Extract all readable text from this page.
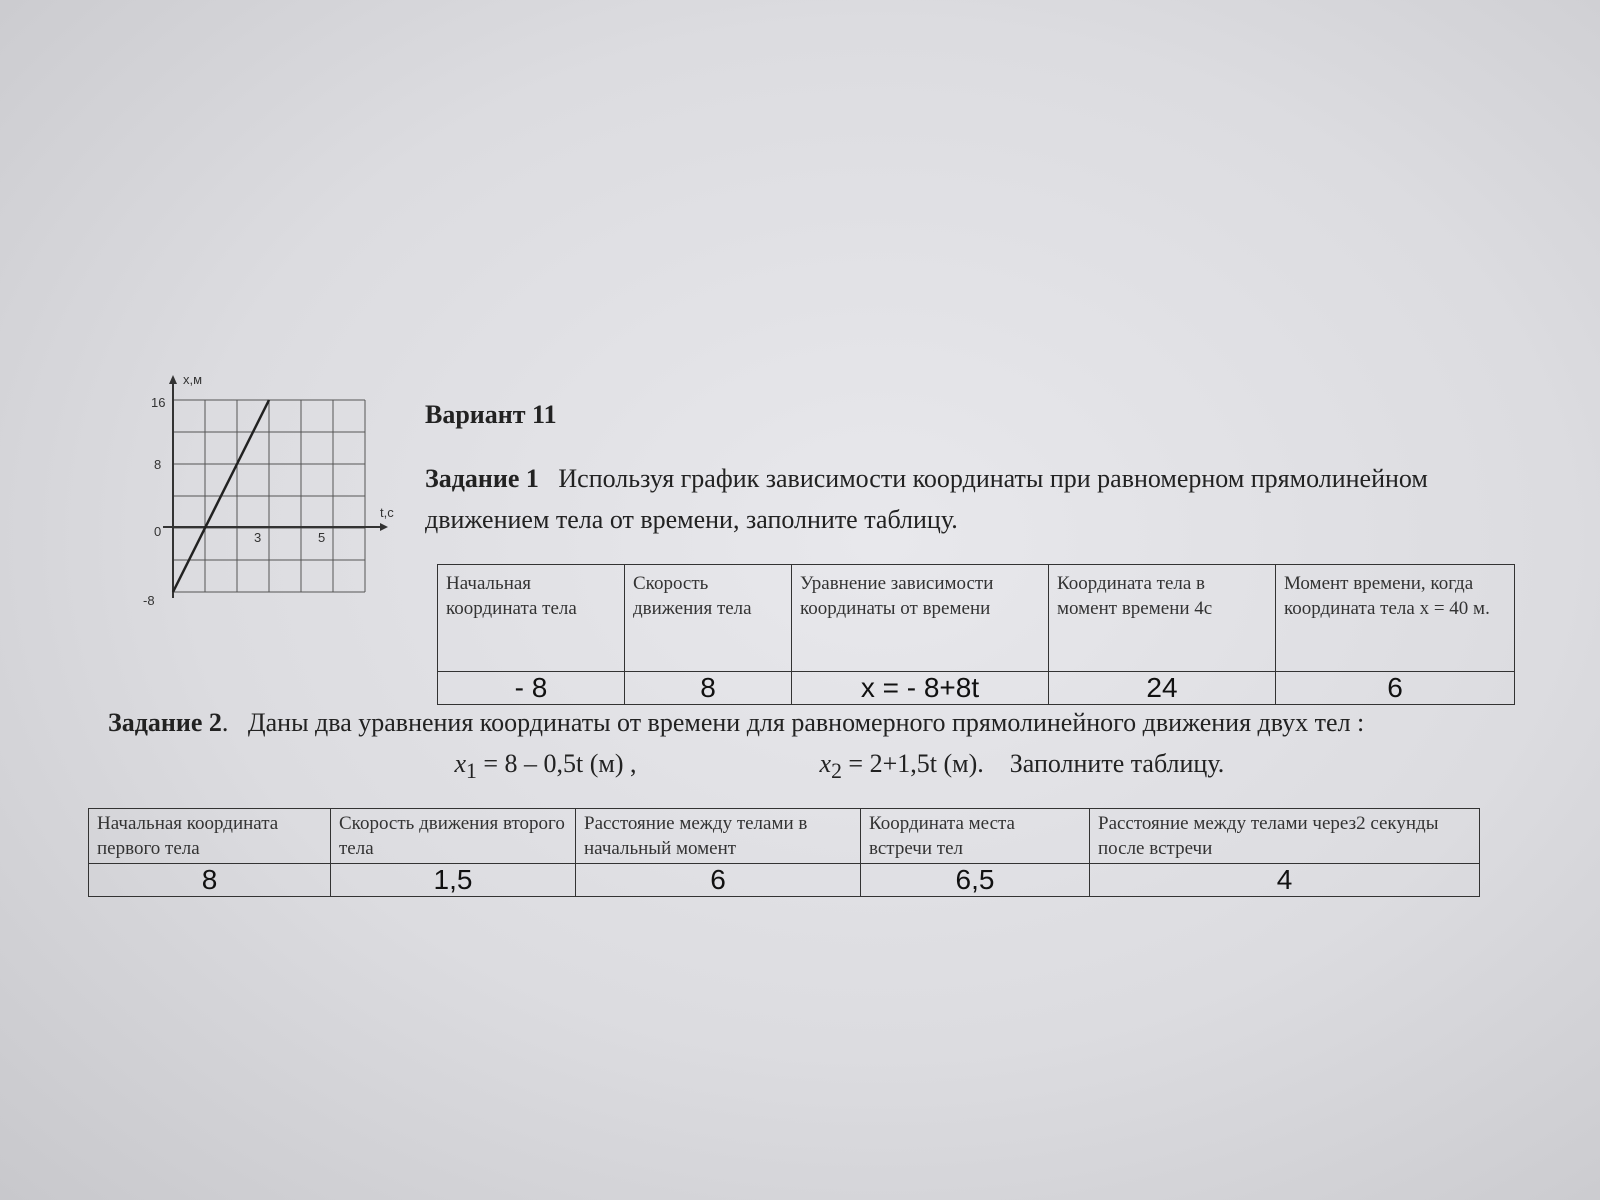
x,м
t,c
16
8
0
-8
3	5
Вариант 11
Задание 1 Используя график зависимости координаты при равномерном прямолинейном движением тела от времени, заполните таблицу.
Начальная координата тела	Скорость движения тела	Уравнение зависимости координаты от времени	Координата тела в момент времени 4с	Момент времени, когда координата тела x = 40 м.
- 8	8	x = - 8+8t	24	6
Задание 2.   Даны два уравнения координаты от времени для равномерного прямолинейного движения двух тел :
$x_1 = 8 - 0,5t$ (м) ,	$x_2 = 2+1,5t$ (м). Заполните таблицу.
Начальная координата первого тела	Скорость движения второго тела	Расстояние между телами в начальный момент	Координата места встречи тел	Расстояние между телами через2 секунды после встречи
8	1,5	6	6,5	4
